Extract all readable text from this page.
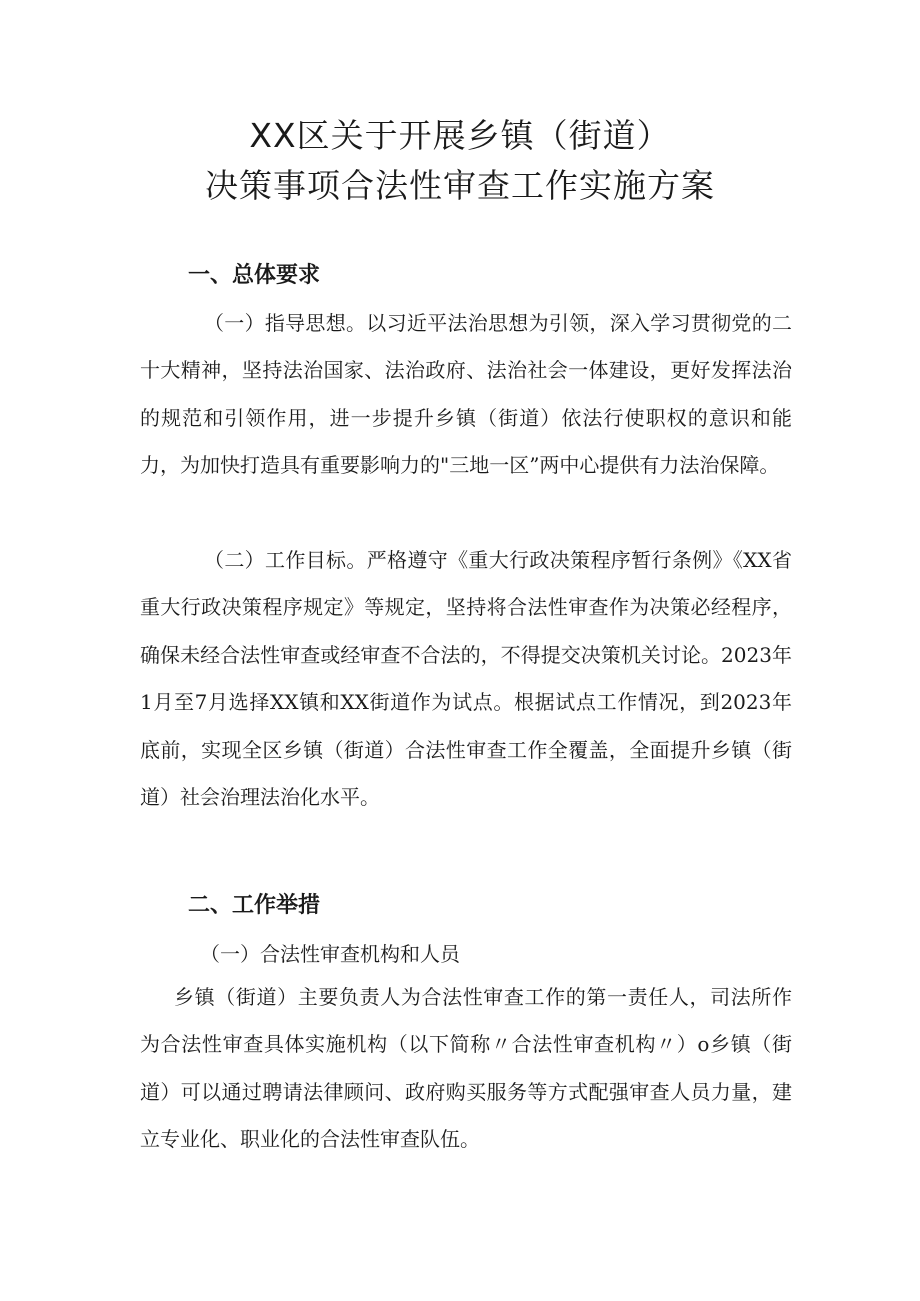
XX区关于开展乡镇（街道）
决策事项合法性审查工作实施方案
一、总体要求

（一）指导思想。以习近平法治思想为引领，深入学习贯彻党的二十大精神，坚持法治国家、法治政府、法治社会一体建设，更好发挥法治的规范和引领作用，进一步提升乡镇（街道）依法行使职权的意识和能力，为加快打造具有重要影响力的"三地一区”两中心提供有力法治保障。

（二）工作目标。严格遵守《重大行政决策程序暂行条例》《XX省重大行政决策程序规定》等规定，坚持将合法性审查作为决策必经程序，确保未经合法性审查或经审查不合法的，不得提交决策机关讨论。2023年1月至7月选择XX镇和XX街道作为试点。根据试点工作情况，到2023年底前，实现全区乡镇（街道）合法性审查工作全覆盖，全面提升乡镇（街道）社会治理法治化水平。

二、工作举措

（一）合法性审查机构和人员

乡镇（街道）主要负责人为合法性审查工作的第一责任人，司法所作为合法性审查具体实施机构（以下简称〃合法性审查机构〃）o乡镇（街道）可以通过聘请法律顾问、政府购买服务等方式配强审查人员力量，建立专业化、职业化的合法性审查队伍。
